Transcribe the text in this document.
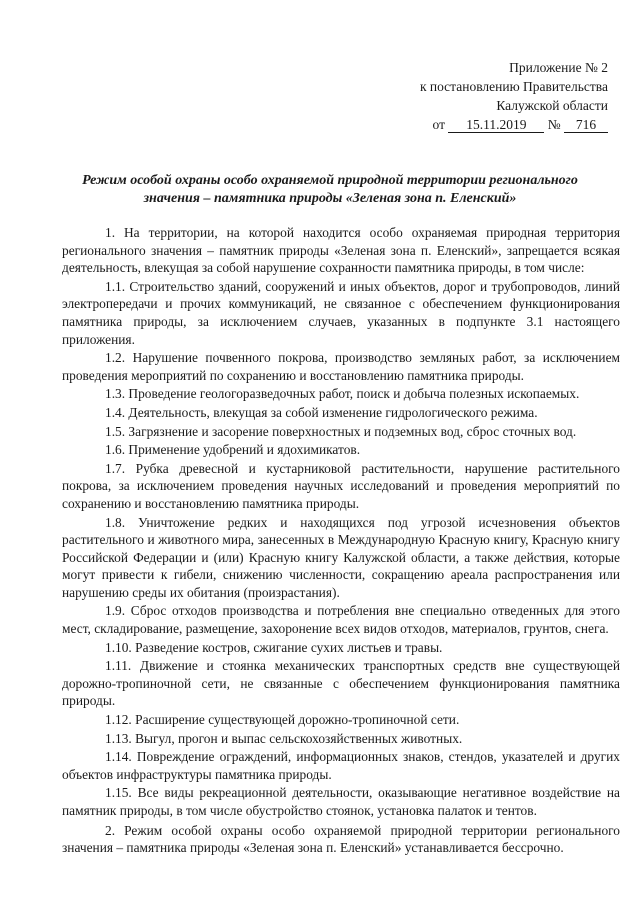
Приложение № 2
к постановлению Правительства
Калужской области
от 15.11.2019 № 716
Режим особой охраны особо охраняемой природной территории регионального значения – памятника природы «Зеленая зона п. Еленский»

1. На территории, на которой находится особо охраняемая природная территория регионального значения – памятник природы «Зеленая зона п. Еленский», запрещается всякая деятельность, влекущая за собой нарушение сохранности памятника природы, в том числе:

1.1. Строительство зданий, сооружений и иных объектов, дорог и трубопроводов, линий электропередачи и прочих коммуникаций, не связанное с обеспечением функционирования памятника природы, за исключением случаев, указанных в подпункте 3.1 настоящего приложения.

1.2. Нарушение почвенного покрова, производство земляных работ, за исключением проведения мероприятий по сохранению и восстановлению памятника природы.

1.3. Проведение геологоразведочных работ, поиск и добыча полезных ископаемых.

1.4. Деятельность, влекущая за собой изменение гидрологического режима.

1.5. Загрязнение и засорение поверхностных и подземных вод, сброс сточных вод.

1.6. Применение удобрений и ядохимикатов.

1.7. Рубка древесной и кустарниковой растительности, нарушение растительного покрова, за исключением проведения научных исследований и проведения мероприятий по сохранению и восстановлению памятника природы.

1.8. Уничтожение редких и находящихся под угрозой исчезновения объектов растительного и животного мира, занесенных в Международную Красную книгу, Красную книгу Российской Федерации и (или) Красную книгу Калужской области, а также действия, которые могут привести к гибели, снижению численности, сокращению ареала распространения или нарушению среды их обитания (произрастания).

1.9. Сброс отходов производства и потребления вне специально отведенных для этого мест, складирование, размещение, захоронение всех видов отходов, материалов, грунтов, снега.

1.10. Разведение костров, сжигание сухих листьев и травы.

1.11. Движение и стоянка механических транспортных средств вне существующей дорожно-тропиночной сети, не связанные с обеспечением функционирования памятника природы.

1.12. Расширение существующей дорожно-тропиночной сети.

1.13. Выгул, прогон и выпас сельскохозяйственных животных.

1.14. Повреждение ограждений, информационных знаков, стендов, указателей и других объектов инфраструктуры памятника природы.

1.15. Все виды рекреационной деятельности, оказывающие негативное воздействие на памятник природы, в том числе обустройство стоянок, установка палаток и тентов.

2. Режим особой охраны особо охраняемой природной территории регионального значения – памятника природы «Зеленая зона п. Еленский» устанавливается бессрочно.
